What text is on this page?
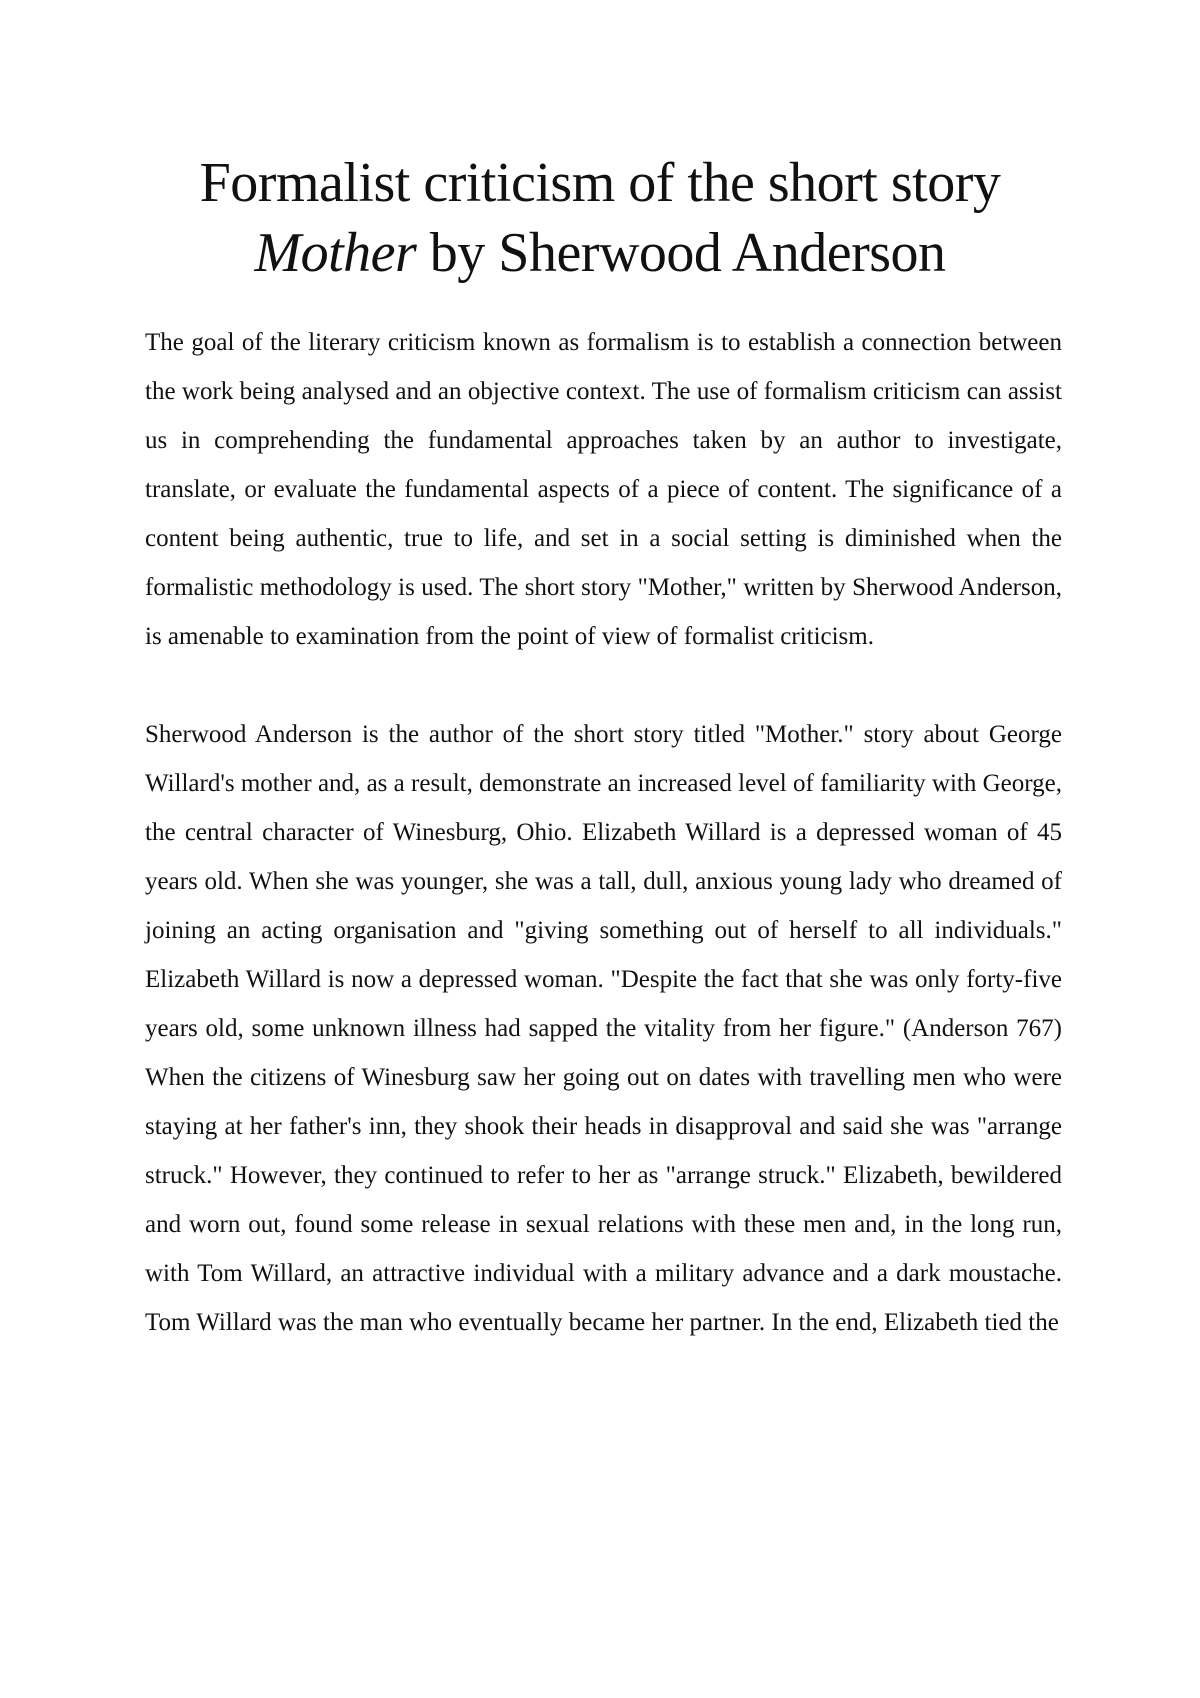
Formalist criticism of the short story
Mother by Sherwood Anderson

The goal of the literary criticism known as formalism is to establish a connection between the work being analysed and an objective context. The use of formalism criticism can assist us in comprehending the fundamental approaches taken by an author to investigate, translate, or evaluate the fundamental aspects of a piece of content. The significance of a content being authentic, true to life, and set in a social setting is diminished when the formalistic methodology is used. The short story "Mother," written by Sherwood Anderson, is amenable to examination from the point of view of formalist criticism.

Sherwood Anderson is the author of the short story titled "Mother." story about George Willard's mother and, as a result, demonstrate an increased level of familiarity with George, the central character of Winesburg, Ohio. Elizabeth Willard is a depressed woman of 45 years old. When she was younger, she was a tall, dull, anxious young lady who dreamed of joining an acting organisation and "giving something out of herself to all individuals." Elizabeth Willard is now a depressed woman. "Despite the fact that she was only forty-five years old, some unknown illness had sapped the vitality from her figure." (Anderson 767) When the citizens of Winesburg saw her going out on dates with travelling men who were staying at her father's inn, they shook their heads in disapproval and said she was "arrange struck." However, they continued to refer to her as "arrange struck." Elizabeth, bewildered and worn out, found some release in sexual relations with these men and, in the long run, with Tom Willard, an attractive individual with a military advance and a dark moustache. Tom Willard was the man who eventually became her partner. In the end, Elizabeth tied the
